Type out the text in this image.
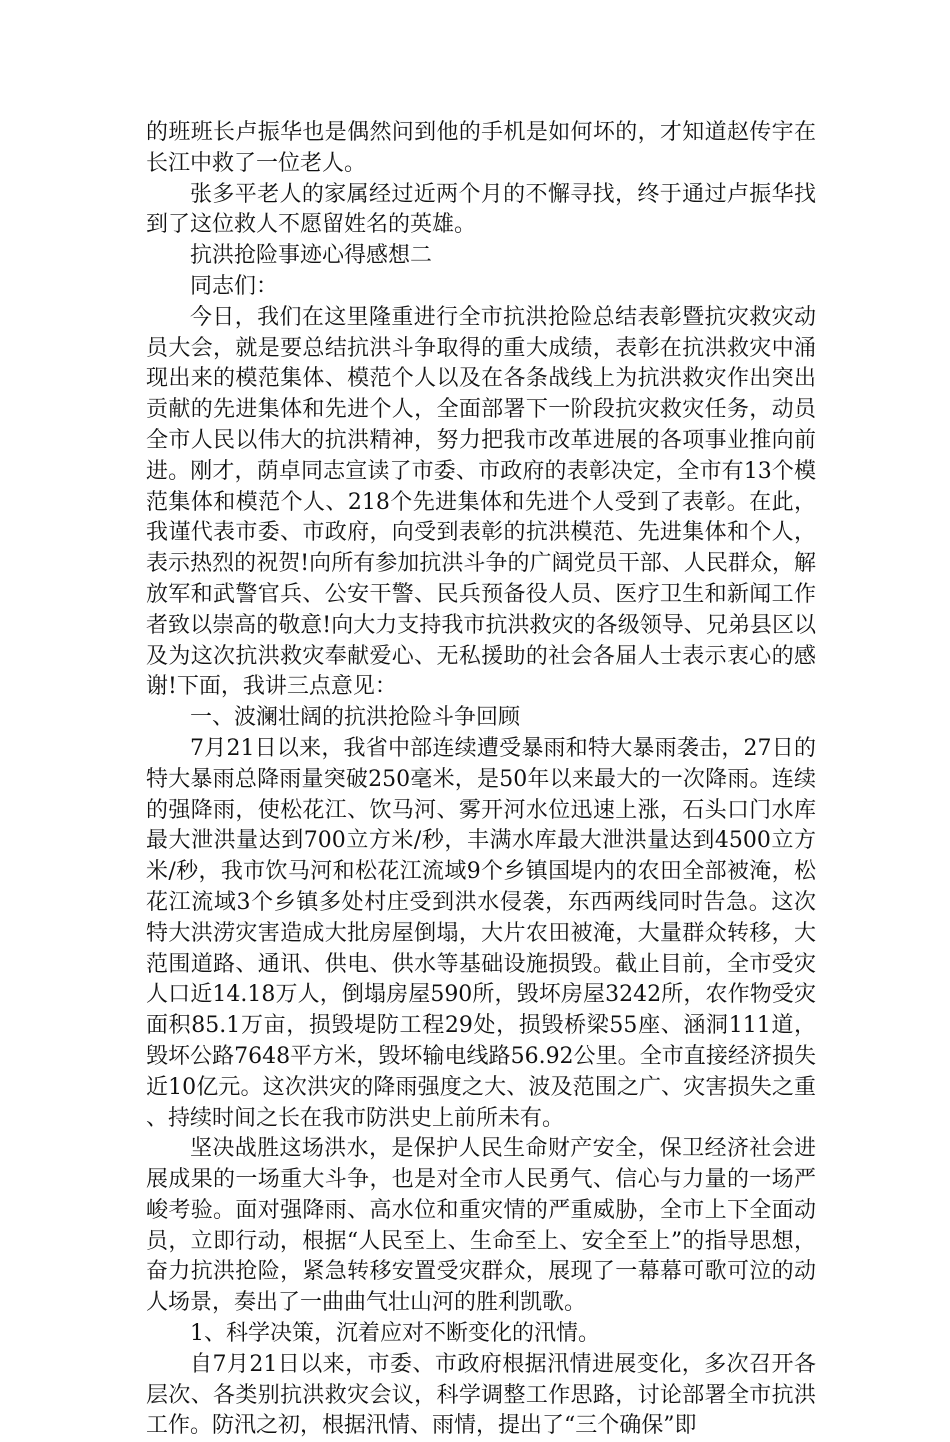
的班班长卢振华也是偶然问到他的手机是如何坏的，才知道赵传宇在长江中救了一位老人。

张多平老人的家属经过近两个月的不懈寻找，终于通过卢振华找到了这位救人不愿留姓名的英雄。

抗洪抢险事迹心得感想二

同志们：

今日，我们在这里隆重进行全市抗洪抢险总结表彰暨抗灾救灾动员大会，就是要总结抗洪斗争取得的重大成绩，表彰在抗洪救灾中涌现出来的模范集体、模范个人以及在各条战线上为抗洪救灾作出突出贡献的先进集体和先进个人，全面部署下一阶段抗灾救灾任务，动员全市人民以伟大的抗洪精神，努力把我市改革进展的各项事业推向前进。刚才，荫卓同志宣读了市委、市政府的表彰决定，全市有13个模范集体和模范个人、218个先进集体和先进个人受到了表彰。在此，我谨代表市委、市政府，向受到表彰的抗洪模范、先进集体和个人，表示热烈的祝贺!向所有参加抗洪斗争的广阔党员干部、人民群众，解放军和武警官兵、公安干警、民兵预备役人员、医疗卫生和新闻工作者致以崇高的敬意!向大力支持我市抗洪救灾的各级领导、兄弟县区以及为这次抗洪救灾奉献爱心、无私援助的社会各届人士表示衷心的感谢!下面，我讲三点意见：

一、波澜壮阔的抗洪抢险斗争回顾

7月21日以来，我省中部连续遭受暴雨和特大暴雨袭击，27日的特大暴雨总降雨量突破250毫米，是50年以来最大的一次降雨。连续的强降雨，使松花江、饮马河、雾开河水位迅速上涨，石头口门水库最大泄洪量达到700立方米/秒，丰满水库最大泄洪量达到4500立方米/秒，我市饮马河和松花江流域9个乡镇国堤内的农田全部被淹，松花江流域3个乡镇多处村庄受到洪水侵袭，东西两线同时告急。这次特大洪涝灾害造成大批房屋倒塌，大片农田被淹，大量群众转移，大范围道路、通讯、供电、供水等基础设施损毁。截止目前，全市受灾人口近14.18万人，倒塌房屋590所，毁坏房屋3242所，农作物受灾面积85.1万亩，损毁堤防工程29处，损毁桥梁55座、涵洞111道，毁坏公路7648平方米，毁坏输电线路56.92公里。全市直接经济损失近10亿元。这次洪灾的降雨强度之大、波及范围之广、灾害损失之重、持续时间之长在我市防洪史上前所未有。

坚决战胜这场洪水，是保护人民生命财产安全，保卫经济社会进展成果的一场重大斗争，也是对全市人民勇气、信心与力量的一场严峻考验。面对强降雨、高水位和重灾情的严重威胁，全市上下全面动员，立即行动，根据“人民至上、生命至上、安全至上”的指导思想，奋力抗洪抢险，紧急转移安置受灾群众，展现了一幕幕可歌可泣的动人场景，奏出了一曲曲气壮山河的胜利凯歌。

1、科学决策，沉着应对不断变化的汛情。

自7月21日以来，市委、市政府根据汛情进展变化，多次召开各层次、各类别抗洪救灾会议，科学调整工作思路，讨论部署全市抗洪工作。防汛之初，根据汛情、雨情，提出了“三个确保”即
